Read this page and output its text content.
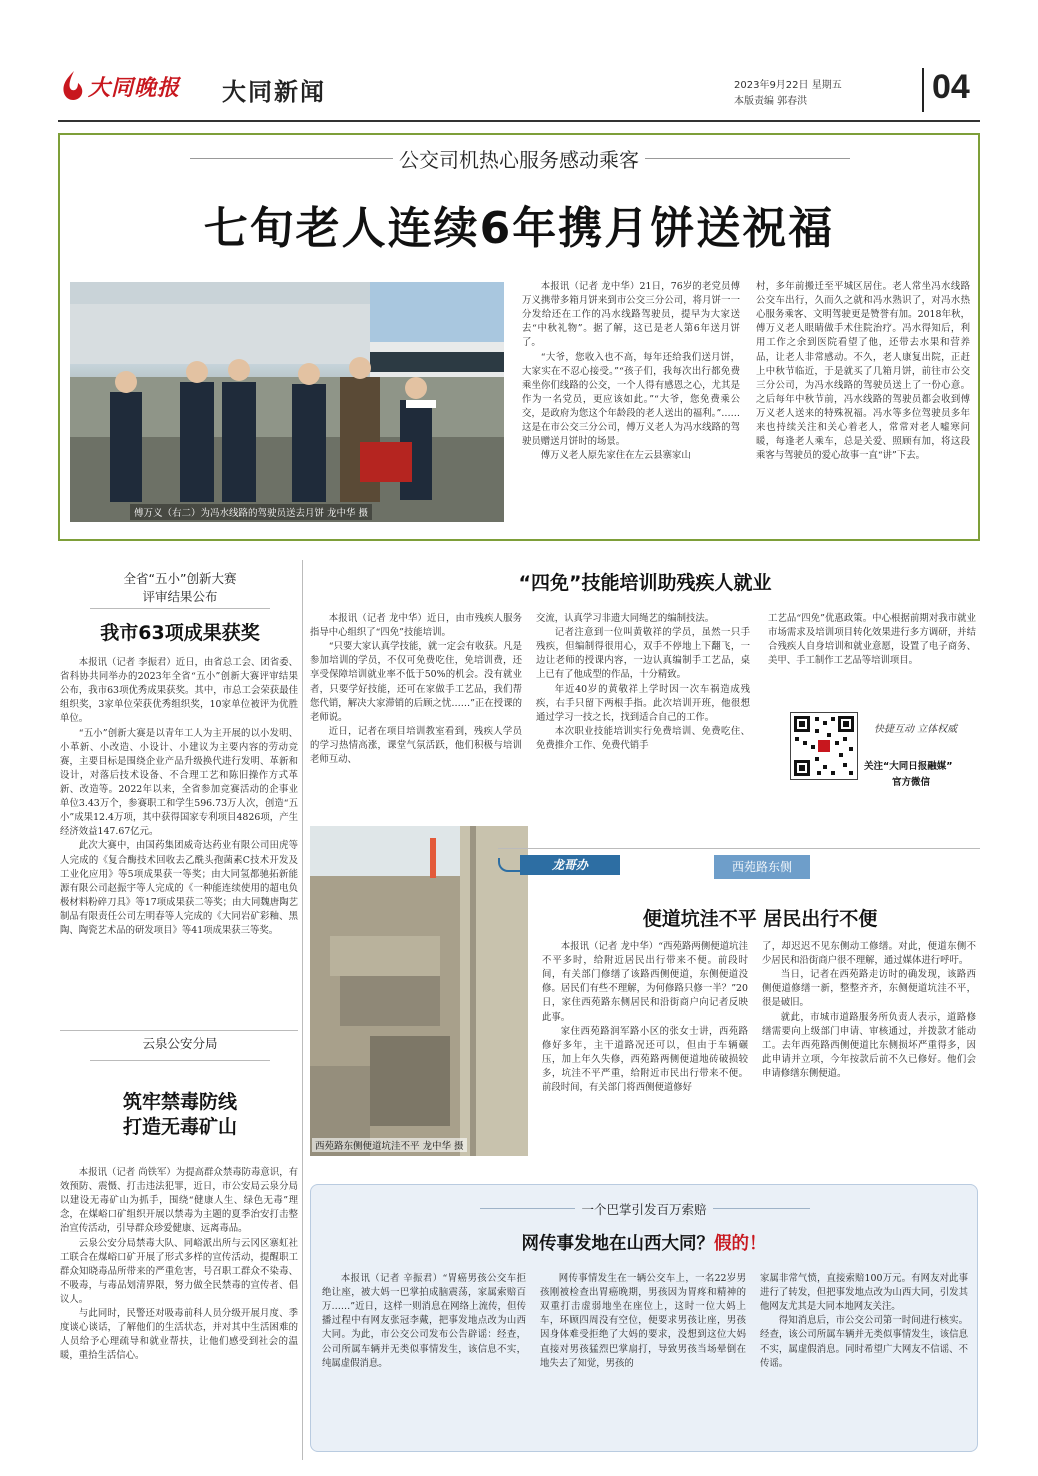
大同晚报 大同新闻	2023年9月22日 星期五
本版责编 郭春洪	04
公交司机热心服务感动乘客
七旬老人连续6年携月饼送祝福
傅万义（右二）为冯水线路的驾驶员送去月饼 龙中华 摄

本报讯（记者 龙中华）21日，76岁的老党员傅万义携带多箱月饼来到市公交三分公司，将月饼一一分发给还在工作的冯水线路驾驶员，提早为大家送去“中秋礼物”。据了解，这已是老人第6年送月饼了。

“大爷，您收入也不高，每年还给我们送月饼，大家实在不忍心接受。”“孩子们，我每次出行都免费乘坐你们线路的公交，一个人得有感恩之心，尤其是作为一名党员，更应该如此。”“大爷，您免费乘公交，是政府为您这个年龄段的老人送出的福利。”……这是在市公交三分公司，傅万义老人为冯水线路的驾驶员赠送月饼时的场景。

傅万义老人原先家住在左云县寨家山

村，多年前搬迁至平城区居住。老人常坐冯水线路公交车出行，久而久之就和冯水熟识了，对冯水热心服务乘客、文明驾驶更是赞誉有加。2018年秋，傅万义老人眼睛做手术住院治疗。冯水得知后，利用工作之余到医院看望了他，还带去水果和营养品，让老人非常感动。不久，老人康复出院，正赶上中秋节临近，于是就买了几箱月饼，前往市公交三分公司，为冯水线路的驾驶员送上了一份心意。之后每年中秋节前，冯水线路的驾驶员都会收到傅万义老人送来的特殊祝福。冯水等多位驾驶员多年来也持续关注和关心着老人，常常对老人嘘寒问暖，每逢老人乘车，总是关爱、照顾有加，将这段乘客与驾驶员的爱心故事一直“讲”下去。

全省“五小”创新大赛
评审结果公布
我市63项成果获奖

本报讯（记者 李振君）近日，由省总工会、团省委、省科协共同举办的2023年全省“五小”创新大赛评审结果公布，我市63项优秀成果获奖。其中，市总工会荣获最佳组织奖，3家单位荣获优秀组织奖，10家单位被评为优胜单位。

“五小”创新大赛是以青年工人为主开展的以小发明、小革新、小改造、小设计、小建议为主要内容的劳动竞赛，主要目标是围绕企业产品升级换代进行发明、革新和设计，对落后技术设备、不合理工艺和陈旧操作方式革新、改造等。2022年以来，全省参加竞赛活动的企事业单位3.43万个，参赛职工和学生596.73万人次，创造“五小”成果12.4万项，其中获得国家专利项目4826项，产生经济效益147.67亿元。

此次大赛中，由国药集团威奇达药业有限公司田虎等人完成的《复合酶技术回收去乙酰头孢菌素C技术开发及工业化应用》等5项成果获一等奖；由大同氢都驰拓新能源有限公司赵振宇等人完成的《一种能连续使用的超电负极材料粉碎刀具》等17项成果获二等奖；由大同魏唐陶艺制品有限责任公司左明春等人完成的《大同岩矿彩釉、黑陶、陶瓷艺术品的研发项目》等41项成果获三等奖。

云泉公安分局
筑牢禁毒防线
打造无毒矿山

本报讯（记者 尚铁军）为提高群众禁毒防毒意识，有效预防、震慑、打击违法犯罪，近日，市公安局云泉分局以建设无毒矿山为抓手，围绕“健康人生、绿色无毒”理念，在煤峪口矿组织开展以禁毒为主题的夏季治安打击整治宣传活动，引导群众珍爱健康、远离毒品。

云泉公安分局禁毒大队、同峪派出所与云冈区寨虹社工联合在煤峪口矿开展了形式多样的宣传活动，提醒职工群众知晓毒品所带来的严重危害，号召职工群众不染毒、不吸毒，与毒品划清界限，努力做全民禁毒的宣传者、倡议人。

与此同时，民警还对吸毒前科人员分级开展月度、季度谈心谈话，了解他们的生活状态，并对其中生活困难的人员给予心理疏导和就业帮扶，让他们感受到社会的温暖，重拾生活信心。

“四免”技能培训助残疾人就业

本报讯（记者 龙中华）近日，由市残疾人服务指导中心组织了“四免”技能培训。

“只要大家认真学技能，就一定会有收获。凡是参加培训的学员，不仅可免费吃住，免培训费，还享受保障培训就业率不低于50%的机会。没有就业者，只要学好技能，还可在家做手工艺品，我们帮您代销，解决大家滞销的后顾之忧……”正在授课的老师说。

近日，记者在项目培训教室看到，残疾人学员的学习热情高涨，课堂气氛活跃，他们积极与培训老师互动、

交流，认真学习非遗大同绳艺的编制技法。

记者注意到一位叫黄敬祥的学员，虽然一只手残疾，但编制得很用心，双手不停地上下翻飞，一边让老师的授课内容，一边认真编制手工艺品，桌上已有了他成型的作品，十分精致。

年近40岁的黄敬祥上学时因一次车祸造成残疾，右手只留下两根手指。此次培训开班，他很想通过学习一技之长，找到适合自己的工作。

本次职业技能培训实行免费培训、免费吃住、免费推介工作、免费代销手

工艺品“四免”优惠政策。中心根据前期对我市就业市场需求及培训项目转化效果进行多方调研，并结合残疾人自身培训和就业意愿，设置了电子商务、美甲、手工制作工艺品等培训项目。

快捷互动 立体权威
关注“大同日报融媒”
官方微信
西苑路东侧便道坑洼不平 龙中华 摄
龙哥办	西苑路东侧
便道坑洼不平 居民出行不便

本报讯（记者 龙中华）“西苑路两侧便道坑洼不平多时，给附近居民出行带来不便。前段时间，有关部门修缮了该路西侧便道，东侧便道没修。居民们有些不理解，为何修路只修一半？”20日，家住西苑路东侧居民和沿街商户向记者反映此事。

家住西苑路润军路小区的张女士讲，西苑路修好多年，主干道路况还可以，但由于车辆碾压，加上年久失修，西苑路两侧便道地砖破损较多，坑洼不平严重，给附近市民出行带来不便。前段时间，有关部门将西侧便道修好

了，却迟迟不见东侧动工修缮。对此，便道东侧不少居民和沿街商户很不理解，通过媒体进行呼吁。

当日，记者在西苑路走访时的确发现，该路西侧便道修缮一新，整整齐齐，东侧便道坑洼不平，很是破旧。

就此，市城市道路服务所负责人表示，道路修缮需要向上级部门申请、审核通过，并拨款才能动工。去年西苑路西侧便道比东侧损坏严重得多，因此申请并立项，今年按款后前不久已修好。他们会申请修缮东侧便道。

一个巴掌引发百万索赔
网传事发地在山西大同？假的！

本报讯（记者 辛振君）“胃癌男孩公交车拒绝让座，被大妈一巴掌拍成脑震荡，家属索赔百万……”近日，这样一则消息在网络上流传，但传播过程中有网友张冠李戴，把事发地点改为山西大同。为此，市公交公司发布公告辟谣：经查，公司所属车辆并无类似事情发生，该信息不实，纯属虚假消息。

网传事情发生在一辆公交车上，一名22岁男孩刚被检查出胃癌晚期，男孩因为胃疼和精神的双重打击虚弱地坐在座位上，这时一位大妈上车，环顾四周没有空位，便要求男孩让座，男孩因身体难受拒绝了大妈的要求，没想到这位大妈直接对男孩猛烈巴掌扇打，导致男孩当场晕倒在地失去了知觉，男孩的

家属非常气愤，直接索赔100万元。有网友对此事进行了转发，但把事发地点改为山西大同，引发其他网友尤其是大同本地网友关注。

得知消息后，市公交公司第一时间进行核实。经查，该公司所属车辆并无类似事情发生，该信息不实，属虚假消息。同时希望广大网友不信谣、不传谣。
